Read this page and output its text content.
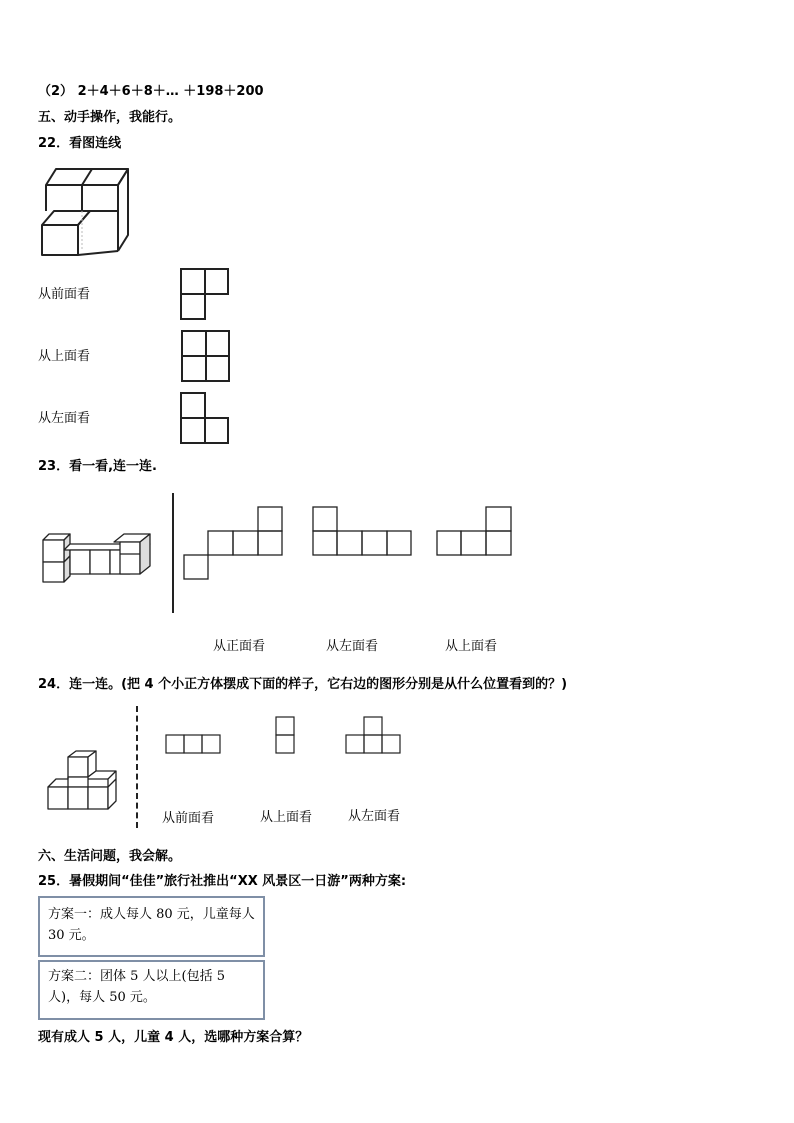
（2） 2＋4＋6＋8＋… ＋198＋200
五、动手操作，我能行。
22．看图连线
从前面看
从上面看
从左面看
23．看一看,连一连.
从正面看	从左面看	从上面看
24．连一连。(把 4 个小正方体摆成下面的样子，它右边的图形分别是从什么位置看到的？)
从前面看	从上面看	从左面看
六、生活问题，我会解。
25．暑假期间“佳佳”旅行社推出“XX 风景区一日游”两种方案:
方案一：成人每人 80 元，儿童每人 30 元。
方案二：团体 5 人以上(包括 5 人)，每人 50 元。
现有成人 5 人，儿童 4 人，选哪种方案合算？
